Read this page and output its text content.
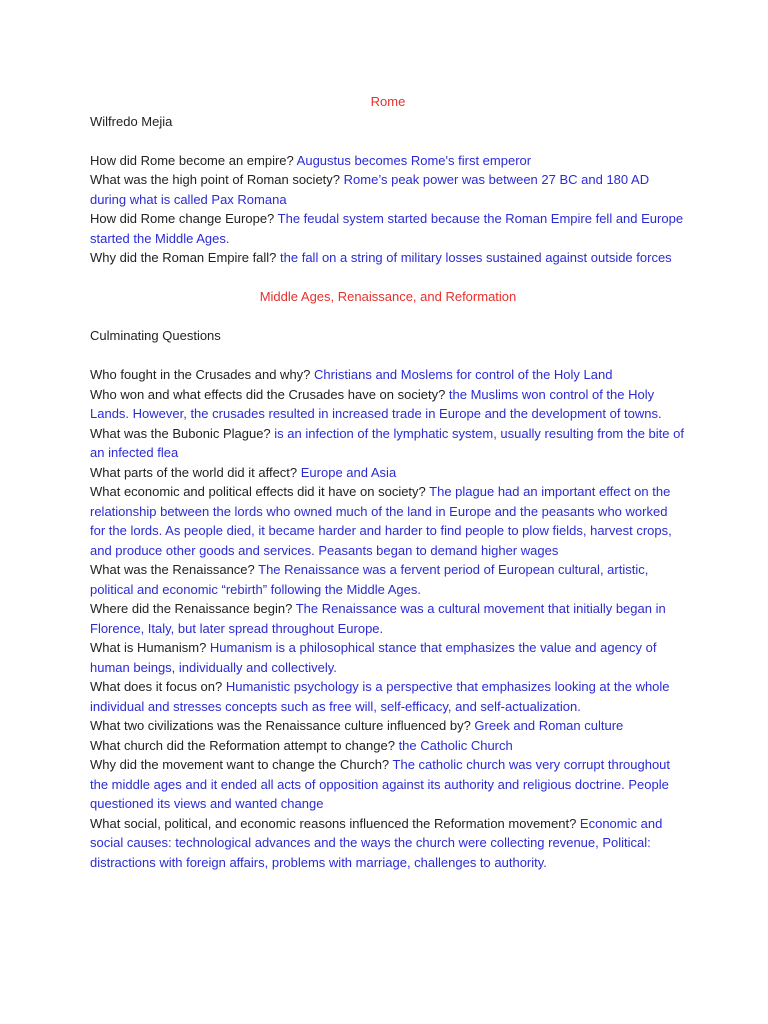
Rome

Wilfredo Mejia

How did Rome become an empire? Augustus becomes Rome's first emperor

What was the high point of Roman society? Rome’s peak power was between 27 BC and 180 AD during what is called Pax Romana

How did Rome change Europe? The feudal system started because the Roman Empire fell and Europe started the Middle Ages.

Why did the Roman Empire fall? the fall on a string of military losses sustained against outside forces

Middle Ages, Renaissance, and Reformation

Culminating Questions

Who fought in the Crusades and why? Christians and Moslems for control of the Holy Land

Who won and what effects did the Crusades have on society? the Muslims won control of the Holy Lands. However, the crusades resulted in increased trade in Europe and the development of towns.

What was the Bubonic Plague? is an infection of the lymphatic system, usually resulting from the bite of an infected flea

What parts of the world did it affect? Europe and Asia

What economic and political effects did it have on society? The plague had an important effect on the relationship between the lords who owned much of the land in Europe and the peasants who worked for the lords. As people died, it became harder and harder to find people to plow fields, harvest crops, and produce other goods and services. Peasants began to demand higher wages

What was the Renaissance? The Renaissance was a fervent period of European cultural, artistic, political and economic “rebirth” following the Middle Ages.

Where did the Renaissance begin? The Renaissance was a cultural movement that initially began in Florence, Italy, but later spread throughout Europe.

What is Humanism? Humanism is a philosophical stance that emphasizes the value and agency of human beings, individually and collectively.

What does it focus on? Humanistic psychology is a perspective that emphasizes looking at the whole individual and stresses concepts such as free will, self-efficacy, and self-actualization.

What two civilizations was the Renaissance culture influenced by? Greek and Roman culture

What church did the Reformation attempt to change? the Catholic Church

Why did the movement want to change the Church? The catholic church was very corrupt throughout the middle ages and it ended all acts of opposition against its authority and religious doctrine. People questioned its views and wanted change

What social, political, and economic reasons influenced the Reformation movement? Economic and social causes: technological advances and the ways the church were collecting revenue, Political: distractions with foreign affairs, problems with marriage, challenges to authority.
